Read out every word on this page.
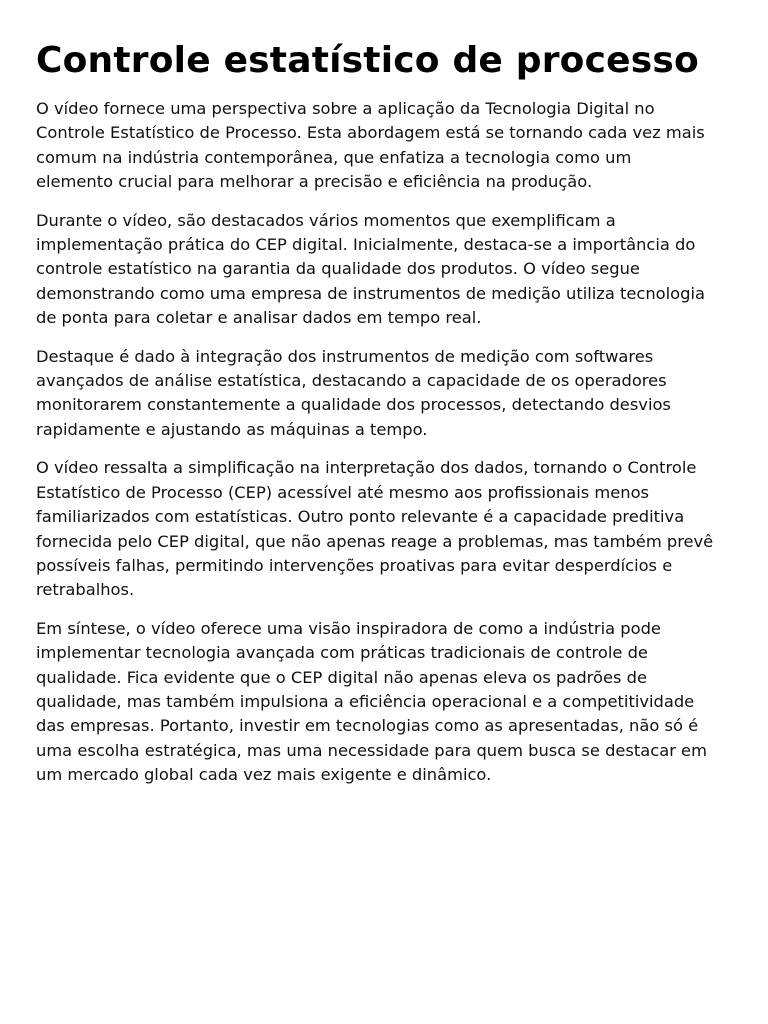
Controle estatístico de processo

O vídeo fornece uma perspectiva sobre a aplicação da Tecnologia Digital no
Controle Estatístico de Processo. Esta abordagem está se tornando cada vez mais
comum na indústria contemporânea, que enfatiza a tecnologia como um
elemento crucial para melhorar a precisão e eficiência na produção.

Durante o vídeo, são destacados vários momentos que exemplificam a
implementação prática do CEP digital. Inicialmente, destaca-se a importância do
controle estatístico na garantia da qualidade dos produtos. O vídeo segue
demonstrando como uma empresa de instrumentos de medição utiliza tecnologia
de ponta para coletar e analisar dados em tempo real.

Destaque é dado à integração dos instrumentos de medição com softwares
avançados de análise estatística, destacando a capacidade de os operadores
monitorarem constantemente a qualidade dos processos, detectando desvios
rapidamente e ajustando as máquinas a tempo.

O vídeo ressalta a simplificação na interpretação dos dados, tornando o Controle
Estatístico de Processo (CEP) acessível até mesmo aos profissionais menos
familiarizados com estatísticas. Outro ponto relevante é a capacidade preditiva
fornecida pelo CEP digital, que não apenas reage a problemas, mas também prevê
possíveis falhas, permitindo intervenções proativas para evitar desperdícios e
retrabalhos.

Em síntese, o vídeo oferece uma visão inspiradora de como a indústria pode
implementar tecnologia avançada com práticas tradicionais de controle de
qualidade. Fica evidente que o CEP digital não apenas eleva os padrões de
qualidade, mas também impulsiona a eficiência operacional e a competitividade
das empresas. Portanto, investir em tecnologias como as apresentadas, não só é
uma escolha estratégica, mas uma necessidade para quem busca se destacar em
um mercado global cada vez mais exigente e dinâmico.
